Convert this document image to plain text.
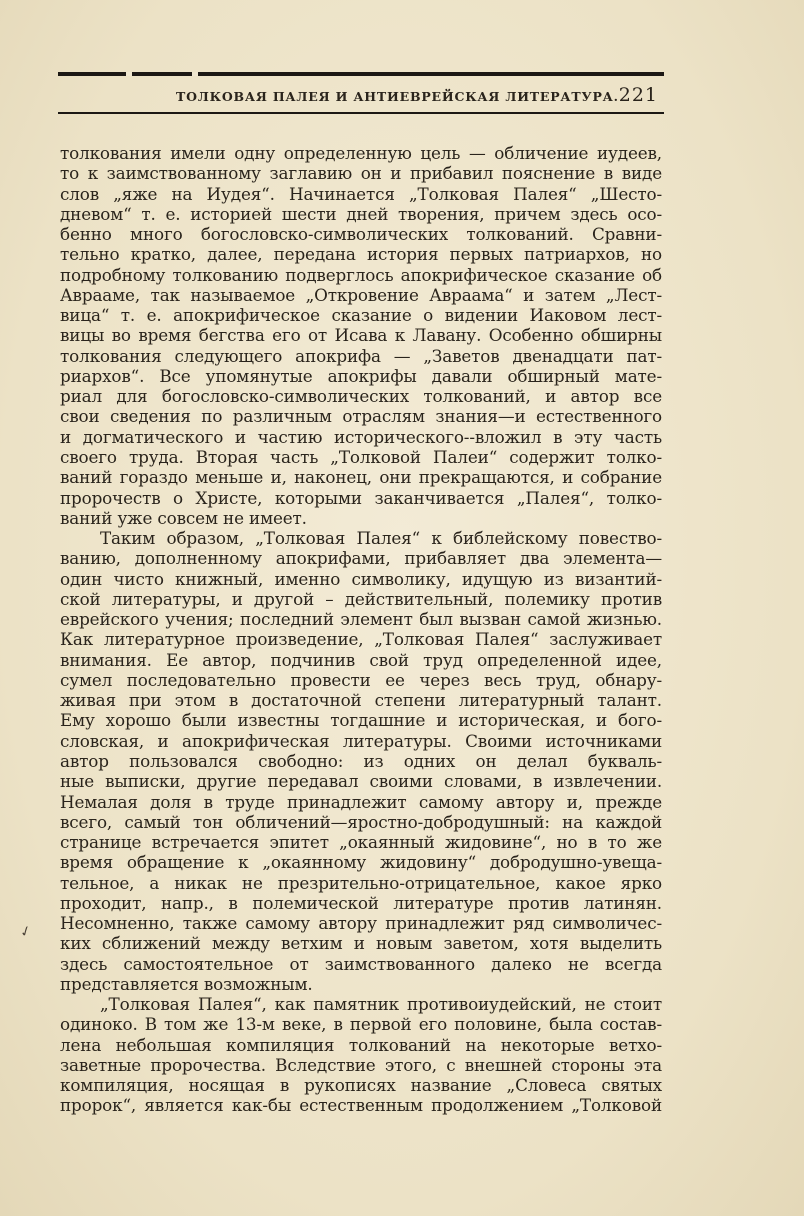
ТОЛКОВАЯ ПАЛЕЯ И АНТИЕВРЕЙСКАЯ ЛИТЕРАТУРА. 221
толкования имели одну определенную цель — обличение иудеев,
то к заимствованному заглавию он и прибавил пояснение в виде
слов „яже на Иудея“. Начинается „Толковая Палея“ „Шесто-
дневом“ т. е. историей шести дней творения, причем здесь осо-
бенно много богословско-символических толкований. Сравни-
тельно кратко, далее, передана история первых патриархов, но
подробному толкованию подверглось апокрифическое сказание об
Аврааме, так называемое „Откровение Авраама“ и затем „Лест-
вица“ т. е. апокрифическое сказание о видении Иаковом лест-
вицы во время бегства его от Исава к Лавану. Особенно обширны
толкования следующего апокрифа — „Заветов двенадцати пат-
риархов“. Все упомянутые апокрифы давали обширный мате-
риал для богословско-символических толкований, и автор все
свои сведения по различным отраслям знания—и естественного
и догматического и частию исторического--вложил в эту часть
своего труда. Вторая часть „Толковой Палеи“ содержит толко-
ваний гораздо меньше и, наконец, они прекращаются, и собрание
пророчеств о Христе, которыми заканчивается „Палея“, толко-
ваний уже совсем не имеет.
Таким образом, „Толковая Палея“ к библейскому повество-
ванию, дополненному апокрифами, прибавляет два элемента—
один чисто книжный, именно символику, идущую из византий-
ской литературы, и другой – действительный, полемику против
еврейского учения; последний элемент был вызван самой жизнью.
Как литературное произведение, „Толковая Палея“ заслуживает
внимания. Ее автор, подчинив свой труд определенной идее,
сумел последовательно провести ее через весь труд, обнару-
живая при этом в достаточной степени литературный талант.
Ему хорошо были известны тогдашние и историческая, и бого-
словская, и апокрифическая литературы. Своими источниками
автор пользовался свободно: из одних он делал букваль-
ные выписки, другие передавал своими словами, в извлечении.
Немалая доля в труде принадлежит самому автору и, прежде
всего, самый тон обличений—яростно-добродушный: на каждой
странице встречается эпитет „окаянный жидовине“, но в то же
время обращение к „окаянному жидовину“ добродушно-увеща-
тельное, а никак не презрительно-отрицательное, какое ярко
проходит, напр., в полемической литературе против латинян.
Несомненно, также самому автору принадлежит ряд символичес-
ких сближений между ветхим и новым заветом, хотя выделить
здесь самостоятельное от заимствованного далеко не всегда
представляется возможным.
„Толковая Палея“, как памятник противоиудейский, не стоит
одиноко. В том же 13-м веке, в первой его половине, была состав-
лена небольшая компиляция толкований на некоторые ветхо-
заветные пророчества. Вследствие этого, с внешней стороны эта
компиляция, носящая в рукописях название „Словеса святых
пророк“, является как-бы естественным продолжением „Толковой
✓
